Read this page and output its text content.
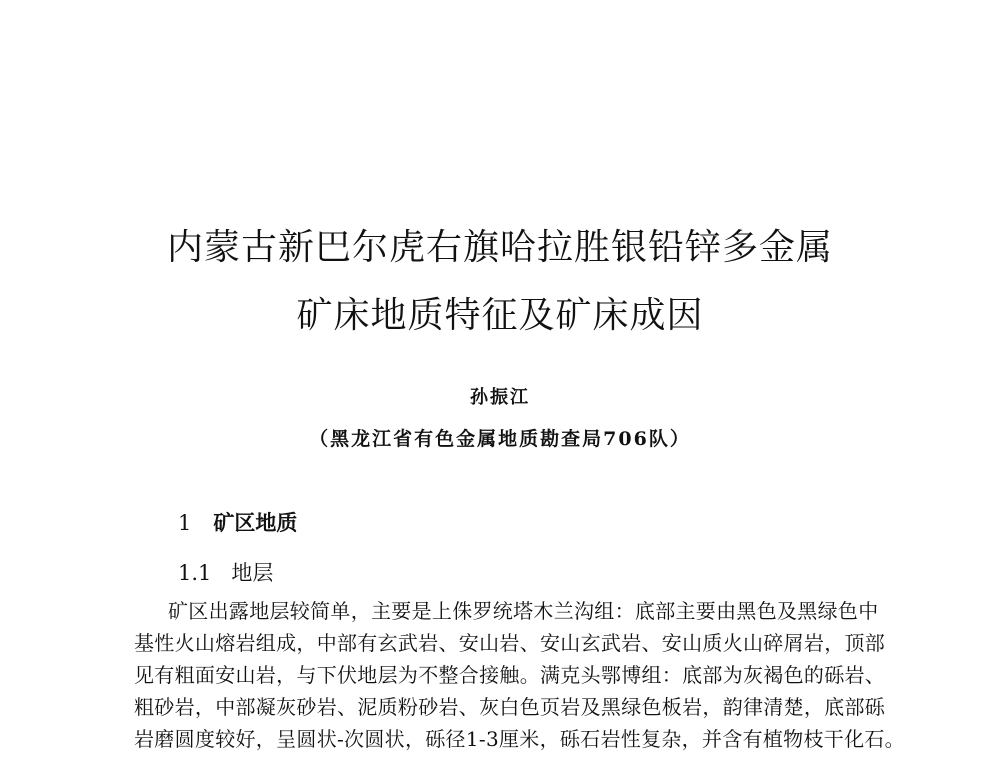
内蒙古新巴尔虎右旗哈拉胜银铅锌多金属
矿床地质特征及矿床成因
孙振江
（黑龙江省有色金属地质勘查局706队）
1 矿区地质
1.1 地层
矿区出露地层较简单，主要是上侏罗统塔木兰沟组：底部主要由黑色及黑绿色中
基性火山熔岩组成，中部有玄武岩、安山岩、安山玄武岩、安山质火山碎屑岩，顶部
见有粗面安山岩，与下伏地层为不整合接触。满克头鄂博组：底部为灰褐色的砾岩、
粗砂岩，中部凝灰砂岩、泥质粉砂岩、灰白色页岩及黑绿色板岩，韵律清楚，底部砾
岩磨圆度较好，呈圆状-次圆状，砾径1-3厘米，砾石岩性复杂，并含有植物枝干化石。
